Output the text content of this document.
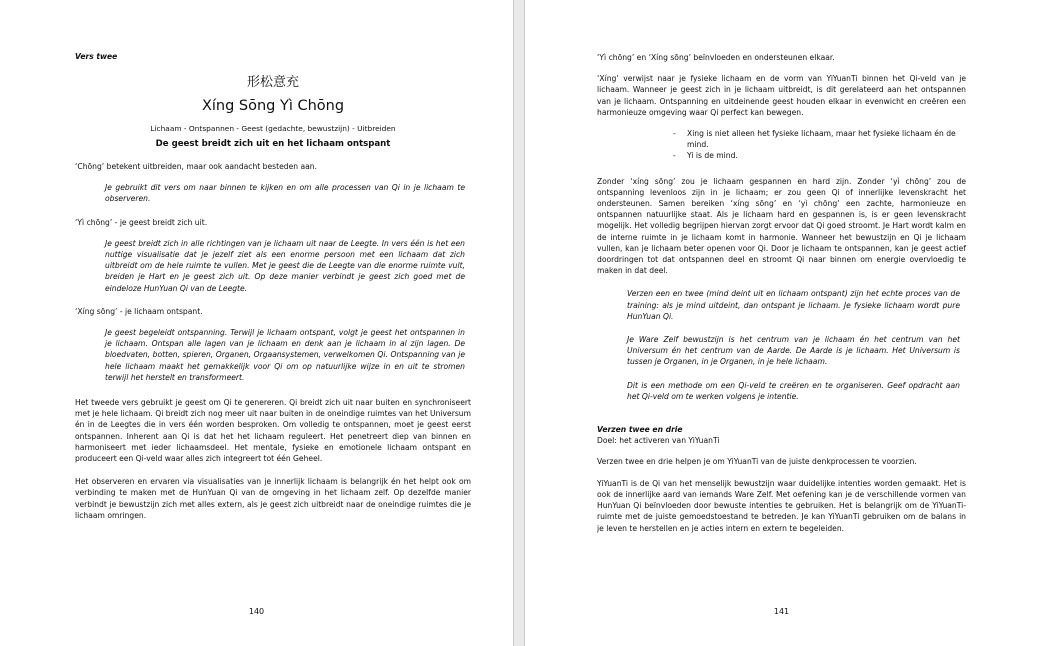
Vers twee

形松意充

Xíng Sōng Yì Chōng

Lichaam - Ontspannen - Geest (gedachte, bewustzijn) - Uitbreiden

De geest breidt zich uit en het lichaam ontspant

‘Chōng’ betekent uitbreiden, maar ook aandacht besteden aan.

Je gebruikt dit vers om naar binnen te kijken en om alle processen van Qi in je lichaam te observeren.

‘Yì chōng’ - je geest breidt zich uit.

Je geest breidt zich in alle richtingen van je lichaam uit naar de Leegte. In vers één is het een nuttige visualisatie dat je jezelf ziet als een enorme persoon met een lichaam dat zich uitbreidt om de hele ruimte te vullen. Met je geest die de Leegte van die enorme ruimte vult, breiden je Hart en je geest zich uit. Op deze manier verbindt je geest zich goed met de eindeloze HunYuan Qi van de Leegte.

‘Xíng sōng’ - je lichaam ontspant.

Je geest begeleidt ontspanning. Terwijl je lichaam ontspant, volgt je geest het ontspannen in je lichaam. Ontspan alle lagen van je lichaam en denk aan je lichaam in al zijn lagen. De bloedvaten, botten, spieren, Organen, Orgaansystemen, verwelkomen Qi. Ontspanning van je hele lichaam maakt het gemakkelijk voor Qi om op natuurlijke wijze in en uit te stromen terwijl het herstelt en transformeert.

Het tweede vers gebruikt je geest om Qi te genereren. Qi breidt zich uit naar buiten en synchroniseert met je hele lichaam. Qi breidt zich nog meer uit naar buiten in de oneindige ruimtes van het Universum én in de Leegtes die in vers één worden besproken. Om volledig te ontspannen, moet je geest eerst ontspannen. Inherent aan Qi is dat het het lichaam reguleert. Het penetreert diep van binnen en harmoniseert met ieder lichaamsdeel. Het mentale, fysieke en emotionele lichaam ontspant en produceert een Qi-veld waar alles zich integreert tot één Geheel.

Het observeren en ervaren via visualisaties van je innerlijk lichaam is belangrijk én het helpt ook om verbinding te maken met de HunYuan Qi van de omgeving in het lichaam zelf. Op dezelfde manier verbindt je bewustzijn zich met alles extern, als je geest zich uitbreidt naar de oneindige ruimtes die je lichaam omringen.

140

‘Yì chōng’ en ‘Xíng sōng’ beïnvloeden en ondersteunen elkaar.

‘Xíng’ verwijst naar je fysieke lichaam en de vorm van YiYuanTi binnen het Qi-veld van je lichaam. Wanneer je geest zich in je lichaam uitbreidt, is dit gerelateerd aan het ontspannen van je lichaam. Ontspanning en uitdeinende geest houden elkaar in evenwicht en creëren een harmonieuze omgeving waar Qi perfect kan bewegen.

- Xing is niet alleen het fysieke lichaam, maar het fysieke lichaam én de mind.
- Yi is de mind.

Zonder ‘xíng sōng’ zou je lichaam gespannen en hard zijn. Zonder ‘yì chōng’ zou de ontspanning levenloos zijn in je lichaam; er zou geen Qi of innerlijke levenskracht het ondersteunen. Samen bereiken ‘xíng sōng’ en ‘yì chōng’ een zachte, harmonieuze en ontspannen natuurlijke staat. Als je lichaam hard en gespannen is, is er geen levenskracht mogelijk. Het volledig begrijpen hiervan zorgt ervoor dat Qi goed stroomt. Je Hart wordt kalm en de interne ruimte in je lichaam komt in harmonie. Wanneer het bewustzijn en Qi je lichaam vullen, kan je lichaam beter openen voor Qi. Door je lichaam te ontspannen, kan je geest actief doordringen tot dat ontspannen deel en stroomt Qi naar binnen om energie overvloedig te maken in dat deel.

Verzen een en twee (mind deint uit en lichaam ontspant) zijn het echte proces van de training: als je mind uitdeint, dan ontspant je lichaam. Je fysieke lichaam wordt pure HunYuan Qi.

Je Ware Zelf bewustzijn is het centrum van je lichaam én het centrum van het Universum én het centrum van de Aarde. De Aarde is je lichaam. Het Universum is tussen je Organen, in je Organen, in je hele lichaam.

Dit is een methode om een Qi-veld te creëren en te organiseren. Geef opdracht aan het Qi-veld om te werken volgens je intentie.

Verzen twee en drie

Doel: het activeren van YiYuanTi

Verzen twee en drie helpen je om YiYuanTi van de juiste denkprocessen te voorzien.

YiYuanTi is de Qi van het menselijk bewustzijn waar duidelijke intenties worden gemaakt. Het is ook de innerlijke aard van iemands Ware Zelf. Met oefening kan je de verschillende vormen van HunYuan Qi beïnvloeden door bewuste intenties te gebruiken. Het is belangrijk om de YiYuanTi-ruimte met de juiste gemoedstoestand te betreden. Je kan YiYuanTi gebruiken om de balans in je leven te herstellen en je acties intern en extern te begeleiden.

141
